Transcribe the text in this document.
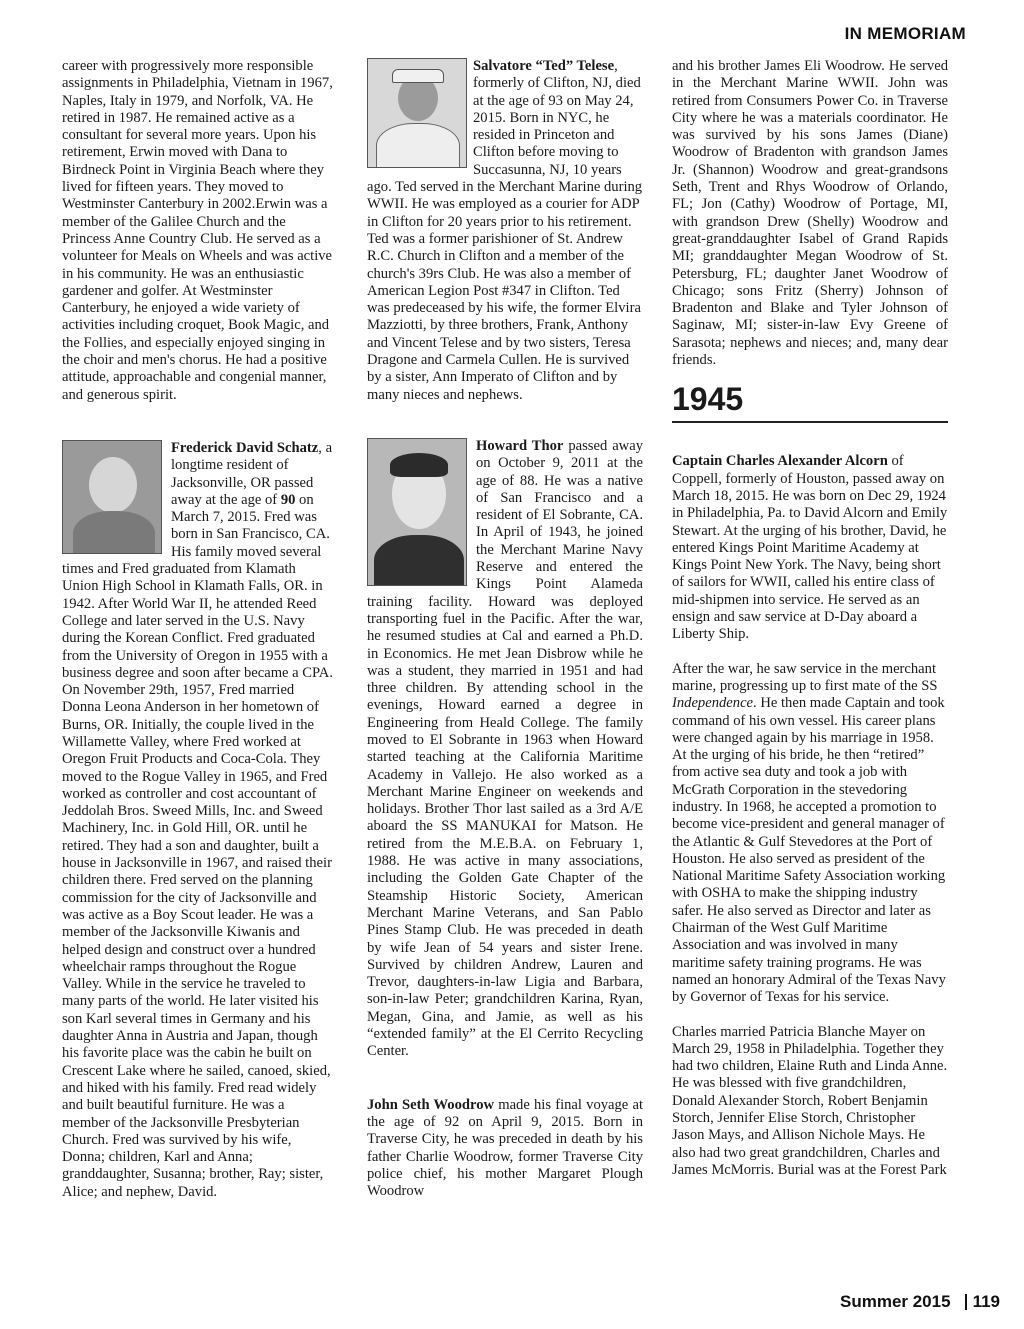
IN MEMORIAM

career with progressively more responsible assignments in Philadelphia, Vietnam in 1967, Naples, Italy in 1979, and Norfolk, VA. He retired in 1987. He remained active as a consultant for several more years. Upon his retirement, Erwin moved with Dana to Birdneck Point in Virginia Beach where they lived for fifteen years. They moved to Westminster Canterbury in 2002.Erwin was a member of the Galilee Church and the Princess Anne Country Club. He served as a volunteer for Meals on Wheels and was active in his community. He was an enthusiastic gardener and golfer. At Westminster Canterbury, he enjoyed a wide variety of activities including croquet, Book Magic, and the Follies, and especially enjoyed singing in the choir and men's chorus. He had a positive attitude, approachable and congenial manner, and generous spirit.

Frederick David Schatz, a longtime resident of Jacksonville, OR passed away at the age of 90 on March 7, 2015. Fred was born in San Francisco, CA. His family moved several times and Fred graduated from Klamath Union High School in Klamath Falls, OR. in 1942. After World War II, he attended Reed College and later served in the U.S. Navy during the Korean Conflict. Fred graduated from the University of Oregon in 1955 with a business degree and soon after became a CPA. On November 29th, 1957, Fred married Donna Leona Anderson in her hometown of Burns, OR. Initially, the couple lived in the Willamette Valley, where Fred worked at Oregon Fruit Products and Coca-Cola. They moved to the Rogue Valley in 1965, and Fred worked as controller and cost accountant of Jeddolah Bros. Sweed Mills, Inc. and Sweed Machinery, Inc. in Gold Hill, OR. until he retired. They had a son and daughter, built a house in Jacksonville in 1967, and raised their children there. Fred served on the planning commission for the city of Jacksonville and was active as a Boy Scout leader. He was a member of the Jacksonville Kiwanis and helped design and construct over a hundred wheelchair ramps throughout the Rogue Valley. While in the service he traveled to many parts of the world. He later visited his son Karl several times in Germany and his daughter Anna in Austria and Japan, though his favorite place was the cabin he built on Crescent Lake where he sailed, canoed, skied, and hiked with his family. Fred read widely and built beautiful furniture. He was a member of the Jacksonville Presbyterian Church. Fred was survived by his wife, Donna; children, Karl and Anna; granddaughter, Susanna; brother, Ray; sister, Alice; and nephew, David.

Salvatore “Ted” Telese, formerly of Clifton, NJ, died at the age of 93 on May 24, 2015. Born in NYC, he resided in Princeton and Clifton before moving to Succasunna, NJ, 10 years ago. Ted served in the Merchant Marine during WWII. He was employed as a courier for ADP in Clifton for 20 years prior to his retirement. Ted was a former parishioner of St. Andrew R.C. Church in Clifton and a member of the church's 39rs Club. He was also a member of American Legion Post #347 in Clifton. Ted was predeceased by his wife, the former Elvira Mazziotti, by three brothers, Frank, Anthony and Vincent Telese and by two sisters, Teresa Dragone and Carmela Cullen. He is survived by a sister, Ann Imperato of Clifton and by many nieces and nephews.

Howard Thor passed away on October 9, 2011 at the age of 88. He was a native of San Francisco and a resident of El Sobrante, CA. In April of 1943, he joined the Merchant Marine Navy Reserve and entered the Kings Point Alameda training facility. Howard was deployed transporting fuel in the Pacific. After the war, he resumed studies at Cal and earned a Ph.D. in Economics. He met Jean Disbrow while he was a student, they married in 1951 and had three children. By attending school in the evenings, Howard earned a degree in Engineering from Heald College. The family moved to El Sobrante in 1963 when Howard started teaching at the California Maritime Academy in Vallejo. He also worked as a Merchant Marine Engineer on weekends and holidays. Brother Thor last sailed as a 3rd A/E aboard the SS MANUKAI for Matson. He retired from the M.E.B.A. on February 1, 1988. He was active in many associations, including the Golden Gate Chapter of the Steamship Historic Society, American Merchant Marine Veterans, and San Pablo Pines Stamp Club. He was preceded in death by wife Jean of 54 years and sister Irene. Survived by children Andrew, Lauren and Trevor, daughters-in-law Ligia and Barbara, son-in-law Peter; grandchildren Karina, Ryan, Megan, Gina, and Jamie, as well as his “extended family” at the El Cerrito Recycling Center.

John Seth Woodrow made his final voyage at the age of 92 on April 9, 2015. Born in Traverse City, he was preceded in death by his father Charlie Woodrow, former Traverse City police chief, his mother Margaret Plough Woodrow

and his brother James Eli Woodrow. He served in the Merchant Marine WWII. John was retired from Consumers Power Co. in Traverse City where he was a materials coordinator. He was survived by his sons James (Diane) Woodrow of Bradenton with grandson James Jr. (Shannon) Woodrow and great-grandsons Seth, Trent and Rhys Woodrow of Orlando, FL; Jon (Cathy) Woodrow of Portage, MI, with grandson Drew (Shelly) Woodrow and great-granddaughter Isabel of Grand Rapids MI; granddaughter Megan Woodrow of St. Petersburg, FL; daughter Janet Woodrow of Chicago; sons Fritz (Sherry) Johnson of Bradenton and Blake and Tyler Johnson of Saginaw, MI; sister-in-law Evy Greene of Sarasota; nephews and nieces; and, many dear friends.

1945

Captain Charles Alexander Alcorn of Coppell, formerly of Houston, passed away on March 18, 2015. He was born on Dec 29, 1924 in Philadelphia, Pa. to David Alcorn and Emily Stewart. At the urging of his brother, David, he entered Kings Point Maritime Academy at Kings Point New York. The Navy, being short of sailors for WWII, called his entire class of mid-shipmen into service. He served as an ensign and saw service at D-Day aboard a Liberty Ship.

After the war, he saw service in the merchant marine, progressing up to first mate of the SS Independence. He then made Captain and took command of his own vessel. His career plans were changed again by his marriage in 1958. At the urging of his bride, he then “retired” from active sea duty and took a job with McGrath Corporation in the stevedoring industry. In 1968, he accepted a promotion to become vice-president and general manager of the Atlantic & Gulf Stevedores at the Port of Houston. He also served as president of the National Maritime Safety Association working with OSHA to make the shipping industry safer. He also served as Director and later as Chairman of the West Gulf Maritime Association and was involved in many maritime safety training programs. He was named an honorary Admiral of the Texas Navy by Governor of Texas for his service.

Charles married Patricia Blanche Mayer on March 29, 1958 in Philadelphia. Together they had two children, Elaine Ruth and Linda Anne. He was blessed with five grandchildren, Donald Alexander Storch, Robert Benjamin Storch, Jennifer Elise Storch, Christopher Jason Mays, and Allison Nichole Mays. He also had two great grandchildren, Charles and James McMorris. Burial was at the Forest Park

Summer 2015 119
